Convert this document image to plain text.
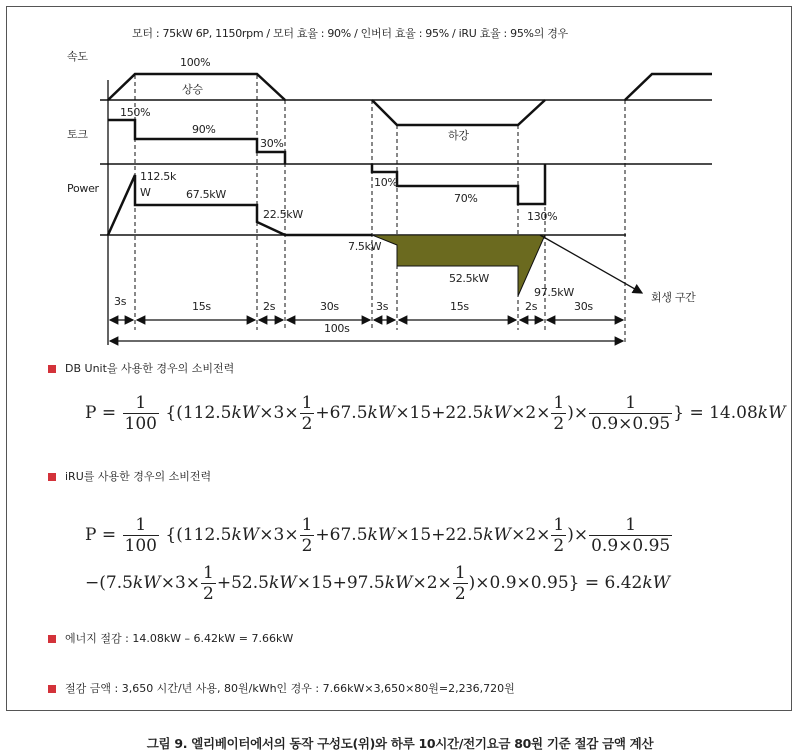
모터 : 75kW 6P, 1150rpm / 모터 효율 : 90% / 인버터 효율 : 95% / iRU 효율 : 95%의 경우
속도
토크
Power
100%
상승
150%
90%
30%
하강
10%
70%
130%
112.5k
W	67.5kW
22.5kW
7.5kW
52.5kW
97.5kW	회생 구간
3s	15s	2s	30s	3s	15s	2s	30s
100s
DB Unit을 사용한 경우의 소비전력
$P = \frac{1}{100} \{(112.5kW\times 3\times \frac{1}{2} +67.5kW\times 15+22.5kW\times 2\times \frac{1}{2}$ )× $\frac{1}{0.9\times 0.95}$ } = 14.08kW
iRU를 사용한 경우의 소비전력
$P = \frac{1}{100} \{(112.5kW\times 3\times \frac{1}{2} +67.5kW\times 15+22.5kW\times 2\times \frac{1}{2}$ )× $\frac{1}{0.9\times 0.95}$
$-(7.5kW\times 3\times \frac{1}{2} +52.5kW\times 15+97.5kW\times 2\times \frac{1}{2} )\times 0.9\times 0.95\} = 6.42kW$
에너지 절감 : 14.08kW – 6.42kW = 7.66kW
절감 금액 : 3,650 시간/년 사용, 80원/kWh인 경우 : 7.66kW×3,650×80원=2,236,720원
그림 9. 엘리베이터에서의 동작 구성도(위)와 하루 10시간/전기요금 80원 기준 절감 금액 계산
